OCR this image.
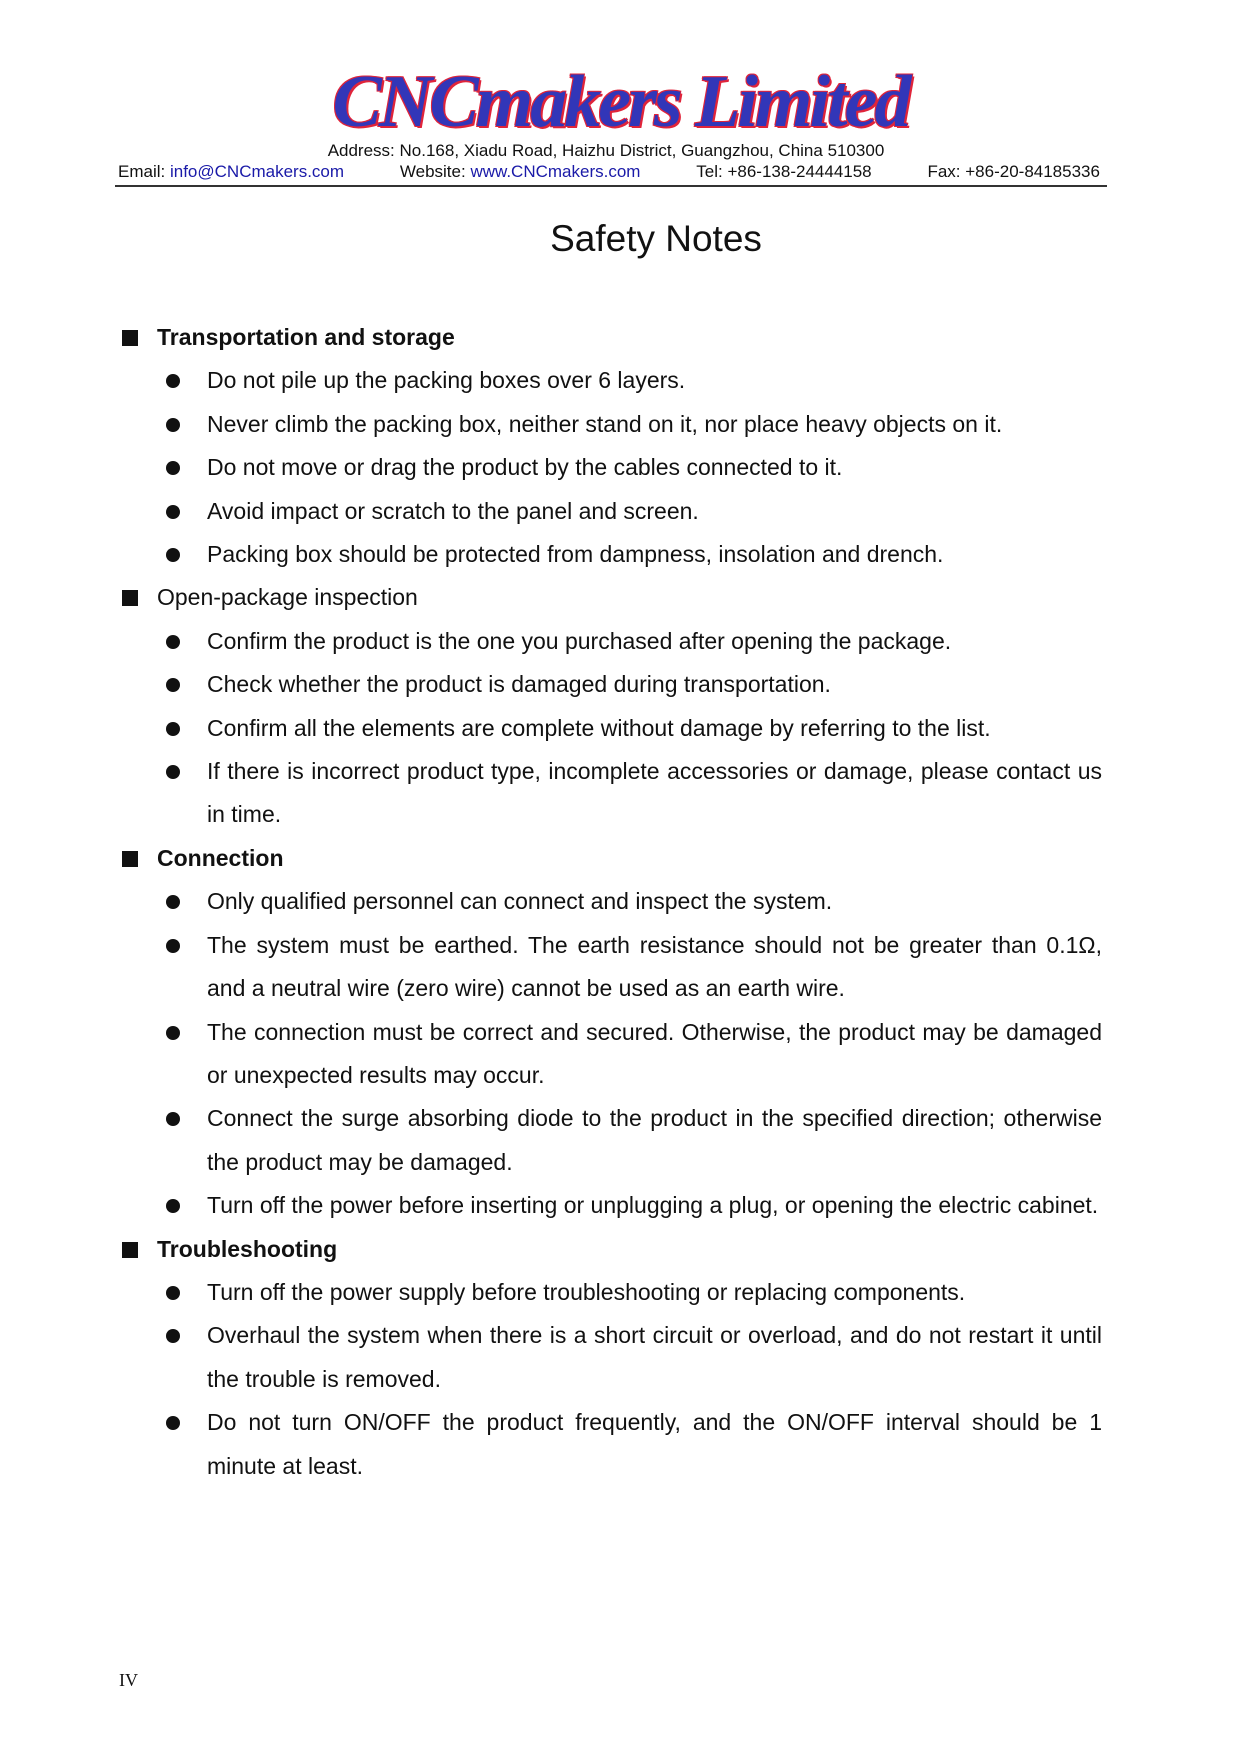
CNCmakers Limited
Address: No.168, Xiadu Road, Haizhu District, Guangzhou, China 510300
Email: info@CNCmakers.com	Website: www.CNCmakers.com	Tel: +86-138-24444158	Fax: +86-20-84185336
Safety Notes
Transportation and storage
Do not pile up the packing boxes over 6 layers.
Never climb the packing box, neither stand on it, nor place heavy objects on it.
Do not move or drag the product by the cables connected to it.
Avoid impact or scratch to the panel and screen.
Packing box should be protected from dampness, insolation and drench.
Open-package inspection
Confirm the product is the one you purchased after opening the package.
Check whether the product is damaged during transportation.
Confirm all the elements are complete without damage by referring to the list.
If there is incorrect product type, incomplete accessories or damage, please contact us in time.
Connection
Only qualified personnel can connect and inspect the system.
The system must be earthed. The earth resistance should not be greater than 0.1Ω, and a neutral wire (zero wire) cannot be used as an earth wire.
The connection must be correct and secured. Otherwise, the product may be damaged or unexpected results may occur.
Connect the surge absorbing diode to the product in the specified direction; otherwise the product may be damaged.
Turn off the power before inserting or unplugging a plug, or opening the electric cabinet.
Troubleshooting
Turn off the power supply before troubleshooting or replacing components.
Overhaul the system when there is a short circuit or overload, and do not restart it until the trouble is removed.
Do not turn ON/OFF the product frequently, and the ON/OFF interval should be 1 minute at least.
IV
